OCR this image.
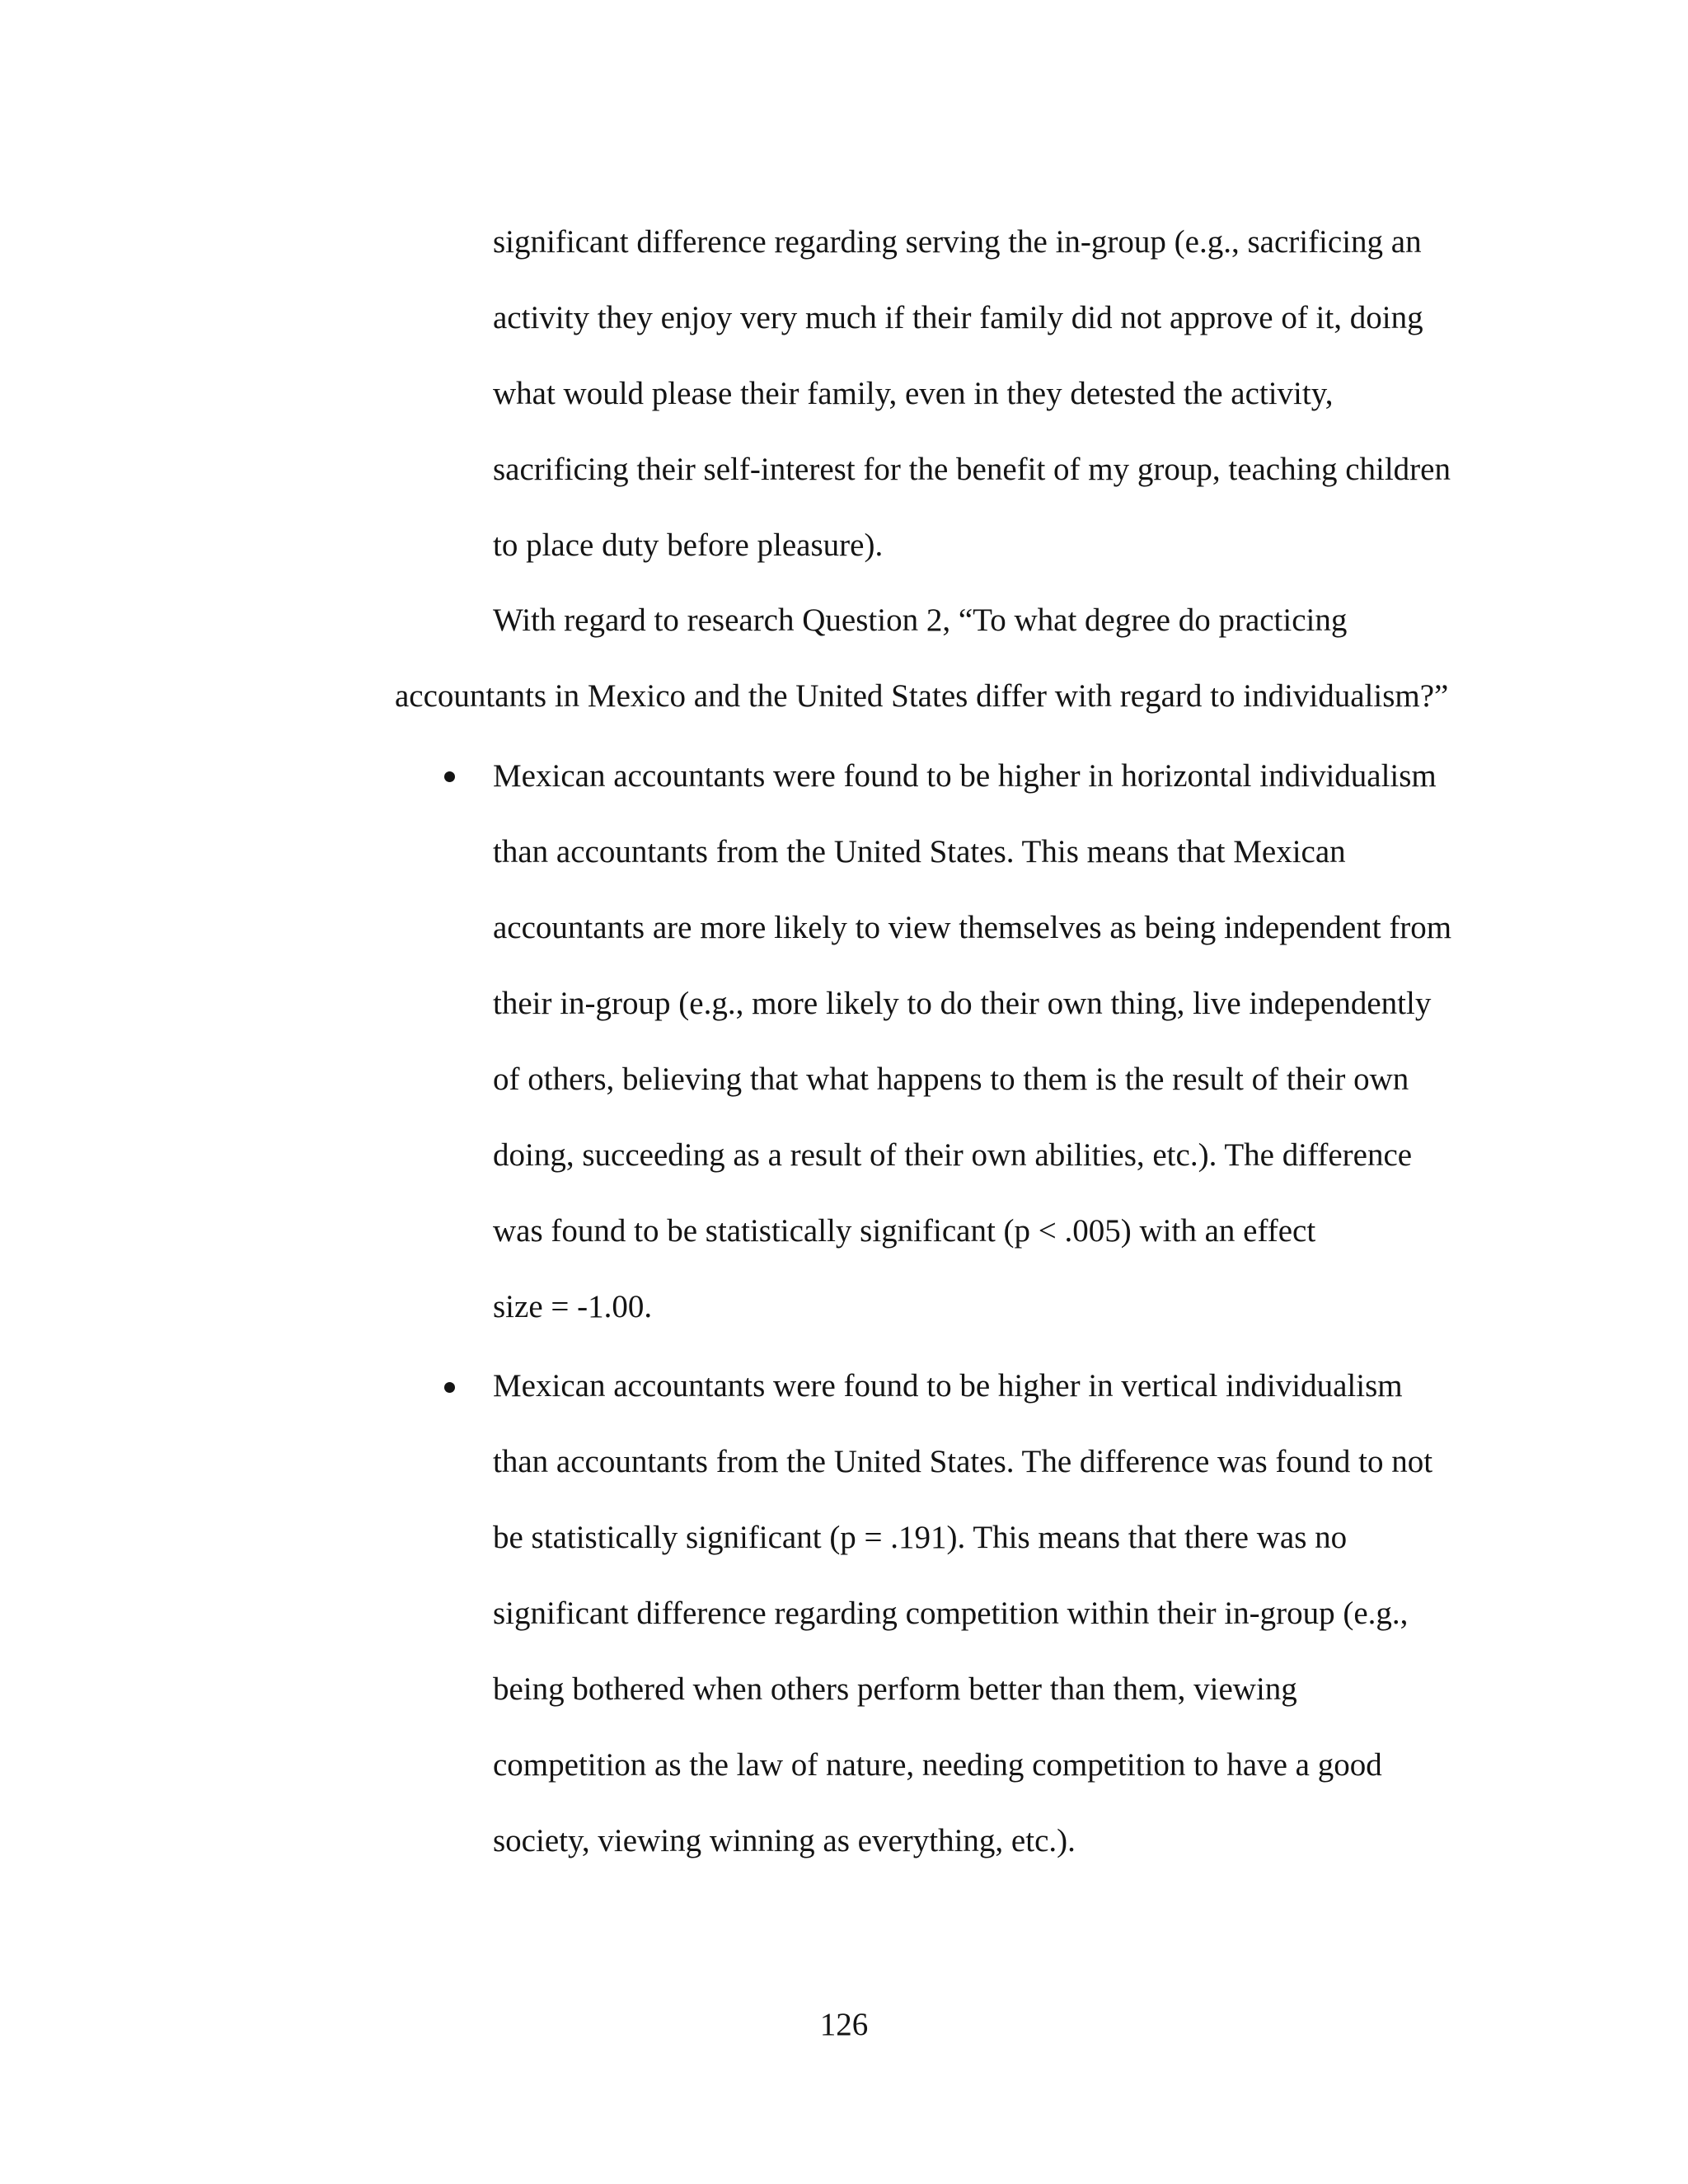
significant difference regarding serving the in-group (e.g., sacrificing an
activity they enjoy very much if their family did not approve of it, doing
what would please their family, even in they detested the activity,
sacrificing their self-interest for the benefit of my group, teaching children
to place duty before pleasure).
With regard to research Question 2, “To what degree do practicing
accountants in Mexico and the United States differ with regard to individualism?”
Mexican accountants were found to be higher in horizontal individualism
than accountants from the United States. This means that Mexican
accountants are more likely to view themselves as being independent from
their in-group (e.g., more likely to do their own thing, live independently
of others, believing that what happens to them is the result of their own
doing, succeeding as a result of their own abilities, etc.). The difference
was found to be statistically significant (p < .005) with an effect
size = -1.00.
Mexican accountants were found to be higher in vertical individualism
than accountants from the United States. The difference was found to not
be statistically significant (p = .191). This means that there was no
significant difference regarding competition within their in-group (e.g.,
being bothered when others perform better than them, viewing
competition as the law of nature, needing competition to have a good
society, viewing winning as everything, etc.).
126
